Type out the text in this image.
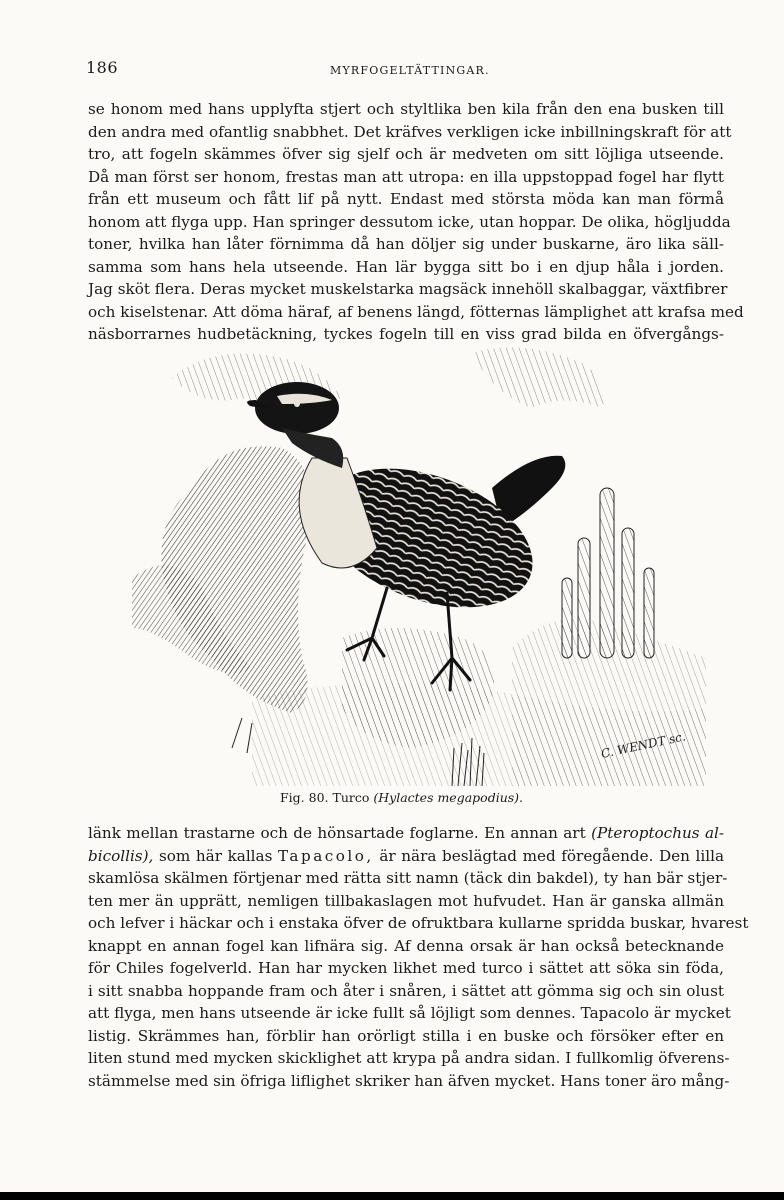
186	MYRFOGELTÄTTINGAR.
se honom med hans upplyfta stjert och styltlika ben kila från den ena busken till
den andra med ofantlig snabbhet. Det kräfves verkligen icke inbillningskraft för att
tro, att fogeln skämmes öfver sig sjelf och är medveten om sitt löjliga utseende.
Då man först ser honom, frestas man att utropa: en illa uppstoppad fogel har flytt
från ett museum och fått lif på nytt. Endast med största möda kan man förmå
honom att flyga upp. Han springer dessutom icke, utan hoppar. De olika, högljudda
toner, hvilka han låter förnimma då han döljer sig under buskarne, äro lika säll-
samma som hans hela utseende. Han lär bygga sitt bo i en djup håla i jorden.
Jag sköt flera. Deras mycket muskelstarka magsäck innehöll skalbaggar, växtfibrer
och kiselstenar. Att döma häraf, af benens längd, fötternas lämplighet att krafsa med
näsborrarnes hudbetäckning, tyckes fogeln till en viss grad bilda en öfvergångs-
C. WENDT sc.
Fig. 80. Turco (Hylactes megapodius).
länk mellan trastarne och de hönsartade foglarne. En annan art (Pteroptochus al-
bicollis), som här kallas Tapacolo, är nära beslägtad med föregående. Den lilla
skamlösa skälmen förtjenar med rätta sitt namn (täck din bakdel), ty han bär stjer-
ten mer än upprätt, nemligen tillbakaslagen mot hufvudet. Han är ganska allmän
och lefver i häckar och i enstaka öfver de ofruktbara kullarne spridda buskar, hvarest
knappt en annan fogel kan lifnära sig. Af denna orsak är han också betecknande
för Chiles fogelverld. Han har mycken likhet med turco i sättet att söka sin föda,
i sitt snabba hoppande fram och åter i snåren, i sättet att gömma sig och sin olust
att flyga, men hans utseende är icke fullt så löjligt som dennes. Tapacolo är mycket
listig. Skrämmes han, förblir han orörligt stilla i en buske och försöker efter en
liten stund med mycken skicklighet att krypa på andra sidan. I fullkomlig öfverens-
stämmelse med sin öfriga liflighet skriker han äfven mycket. Hans toner äro mång-
